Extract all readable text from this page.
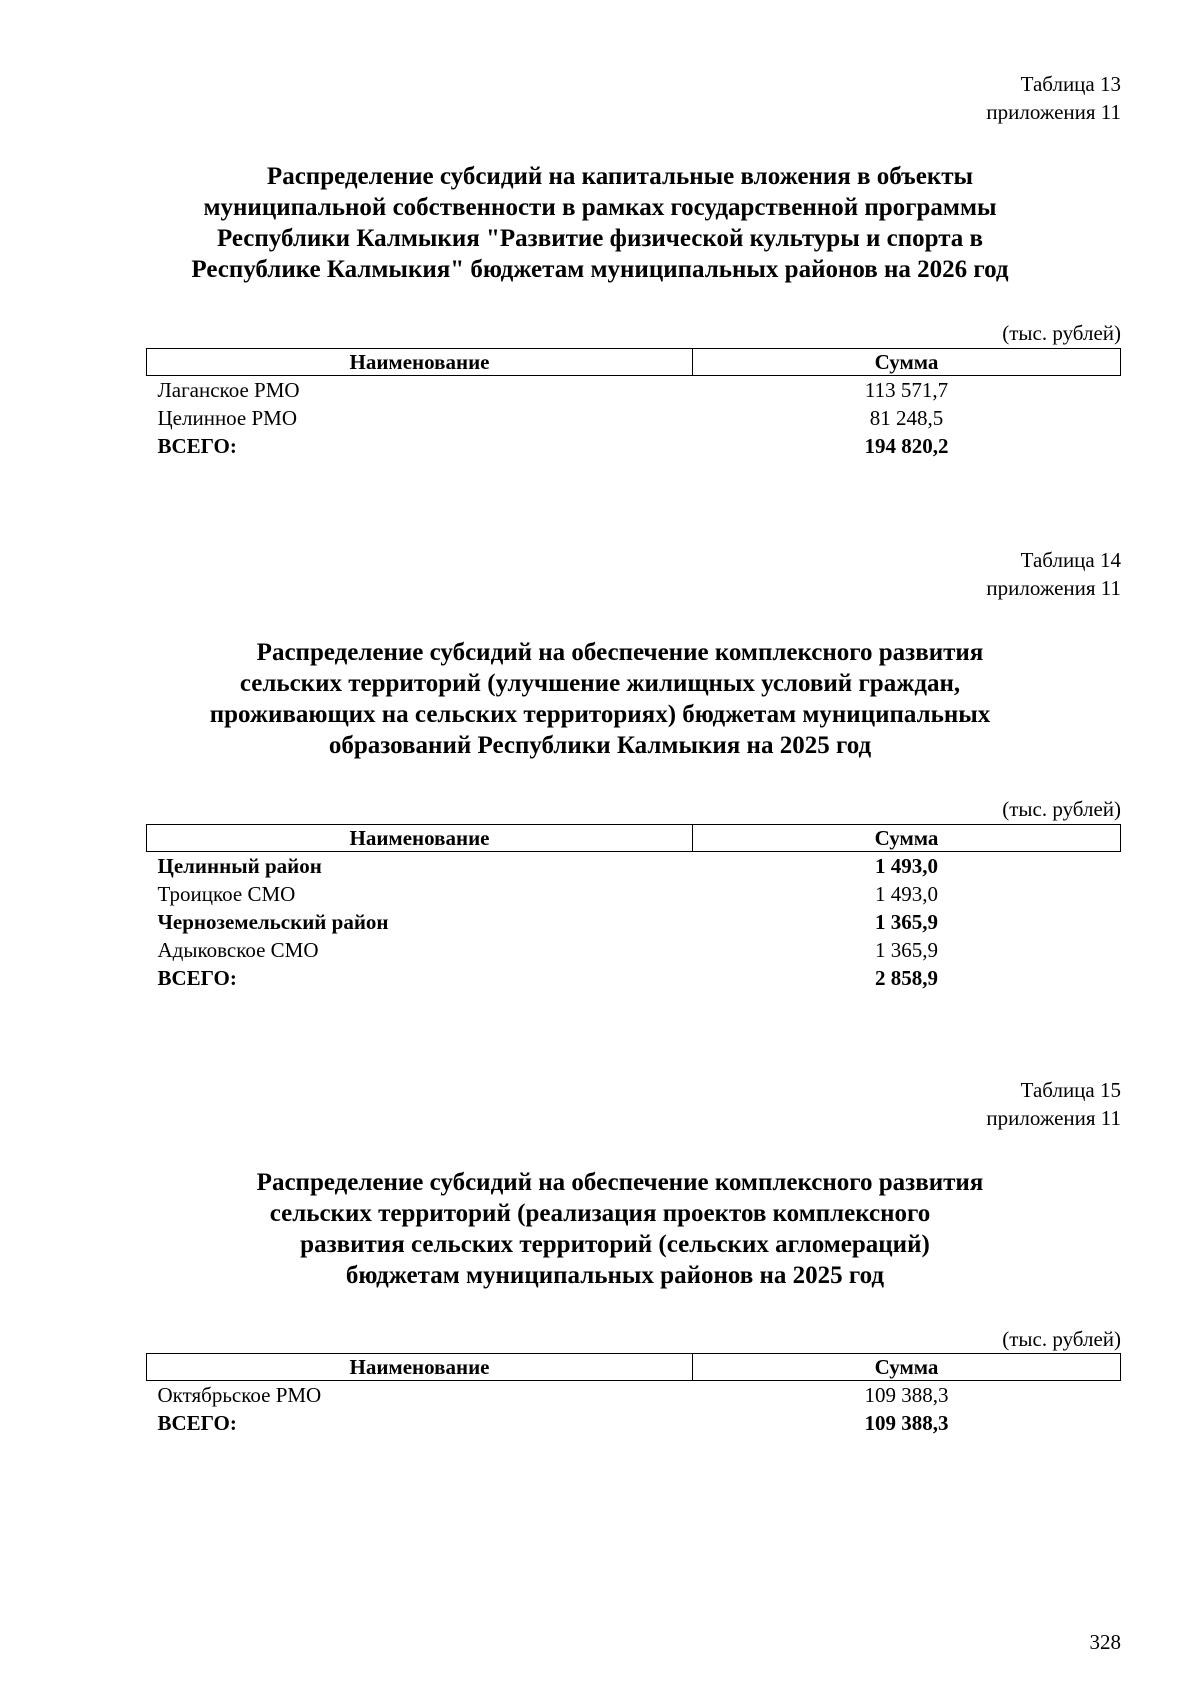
Таблица 13
приложения 11
Распределение субсидий на капитальные вложения в объекты
муниципальной собственности в рамках государственной программы
Республики Калмыкия "Развитие физической культуры и спорта в
Республике Калмыкия" бюджетам муниципальных районов на 2026 год
(тыс. рублей)
Наименование	Сумма
Лаганское РМО	113 571,7
Целинное РМО	81 248,5
ВСЕГО:	194 820,2
Таблица 14
приложения 11
Распределение субсидий на обеспечение комплексного развития
сельских территорий (улучшение жилищных условий граждан,
проживающих на сельских территориях) бюджетам муниципальных
образований Республики Калмыкия на 2025 год
(тыс. рублей)
Наименование	Сумма
Целинный район	1 493,0
Троицкое СМО	1 493,0
Черноземельский район	1 365,9
Адыковское СМО	1 365,9
ВСЕГО:	2 858,9
Таблица 15
приложения 11
Распределение субсидий на обеспечение комплексного развития
сельских территорий (реализация проектов комплексного
развития сельских территорий (сельских агломераций)
бюджетам муниципальных районов на 2025 год
(тыс. рублей)
Наименование	Сумма
Октябрьское РМО	109 388,3
ВСЕГО:	109 388,3
328
